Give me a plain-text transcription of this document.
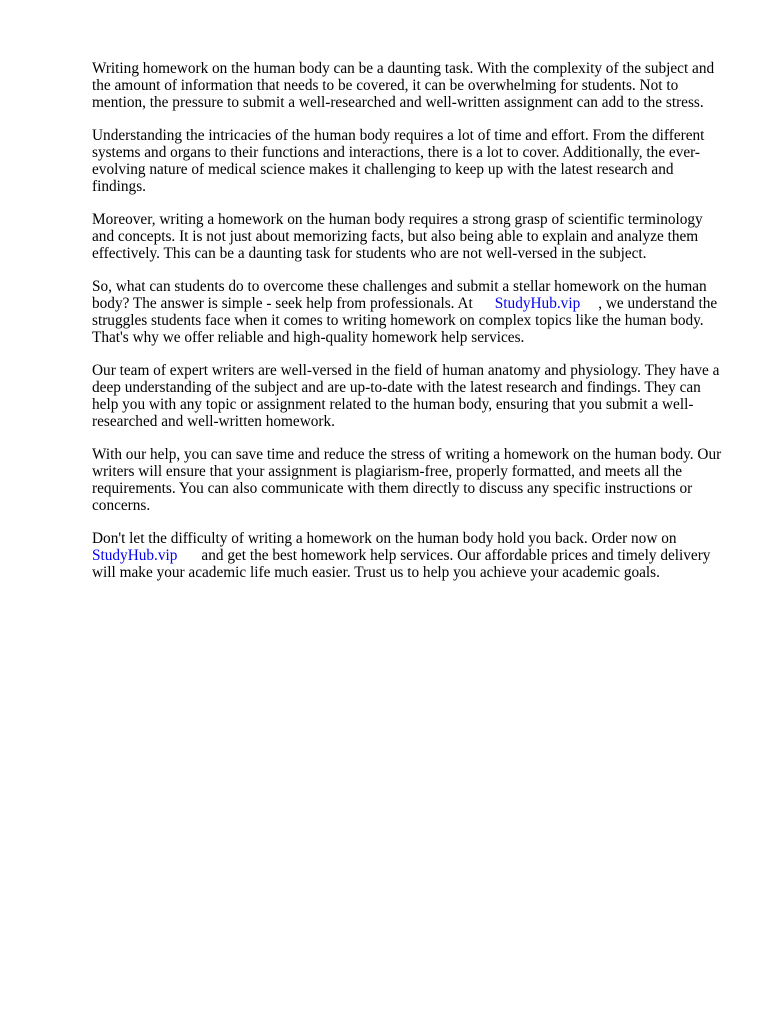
Writing homework on the human body can be a daunting task. With the complexity of the subject and the amount of information that needs to be covered, it can be overwhelming for students. Not to mention, the pressure to submit a well-researched and well-written assignment can add to the stress.

Understanding the intricacies of the human body requires a lot of time and effort. From the different systems and organs to their functions and interactions, there is a lot to cover. Additionally, the ever-evolving nature of medical science makes it challenging to keep up with the latest research and findings.

Moreover, writing a homework on the human body requires a strong grasp of scientific terminology and concepts. It is not just about memorizing facts, but also being able to explain and analyze them effectively. This can be a daunting task for students who are not well-versed in the subject.

So, what can students do to overcome these challenges and submit a stellar homework on the human body? The answer is simple - seek help from professionals. At StudyHub.vip , we understand the struggles students face when it comes to writing homework on complex topics like the human body. That's why we offer reliable and high-quality homework help services.

Our team of expert writers are well-versed in the field of human anatomy and physiology. They have a deep understanding of the subject and are up-to-date with the latest research and findings. They can help you with any topic or assignment related to the human body, ensuring that you submit a well-researched and well-written homework.

With our help, you can save time and reduce the stress of writing a homework on the human body. Our writers will ensure that your assignment is plagiarism-free, properly formatted, and meets all the requirements. You can also communicate with them directly to discuss any specific instructions or concerns.

Don't let the difficulty of writing a homework on the human body hold you back. Order now on StudyHub.vip and get the best homework help services. Our affordable prices and timely delivery will make your academic life much easier. Trust us to help you achieve your academic goals.
